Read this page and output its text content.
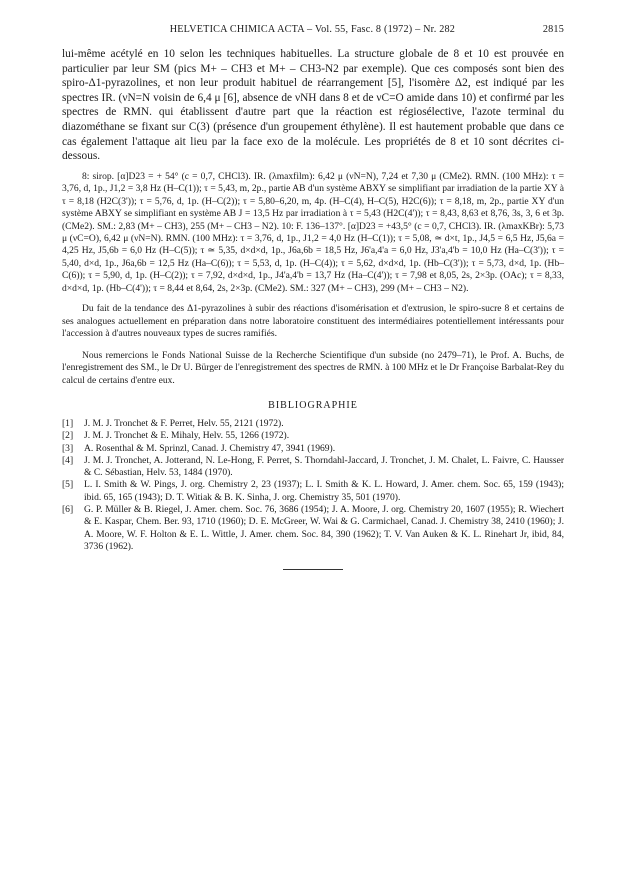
HELVETICA CHIMICA ACTA – Vol. 55, Fasc. 8 (1972) – Nr. 282	2815

lui-même acétylé en 10 selon les techniques habituelles. La structure globale de 8 et 10 est prouvée en particulier par leur SM (pics M+ – CH3 et M+ – CH3-N2 par exemple). Que ces composés sont bien des spiro-Δ1-pyrazolines, et non leur produit habituel de réarrangement [5], l'isomère Δ2, est indiqué par les spectres IR. (νN=N voisin de 6,4 μ [6], absence de νNH dans 8 et de νC=O amide dans 10) et confirmé par les spectres de RMN. qui établissent d'autre part que la réaction est régiosélective, l'azote terminal du diazométhane se fixant sur C(3) (présence d'un groupement éthylène). Il est hautement probable que dans ce cas également l'attaque ait lieu par la face exo de la molécule. Les propriétés de 8 et 10 sont décrites ci-dessous.

8: sirop. [α]D23 = + 54° (c = 0,7, CHCl3). IR. (λmaxfilm): 6,42 μ (νN=N), 7,24 et 7,30 μ (CMe2). RMN. (100 MHz): τ = 3,76, d, 1p., J1,2 = 3,8 Hz (H–C(1)); τ = 5,43, m, 2p., partie AB d'un système ABXY se simplifiant par irradiation de la partie XY à τ = 8,18 (H2C(3')); τ = 5,76, d, 1p. (H–C(2)); τ = 5,80–6,20, m, 4p. (H–C(4), H–C(5), H2C(6)); τ = 8,18, m, 2p., partie XY d'un système ABXY se simplifiant en système AB J = 13,5 Hz par irradiation à τ = 5,43 (H2C(4')); τ = 8,43, 8,63 et 8,76, 3s, 3, 6 et 3p. (CMe2). SM.: 2,83 (M+ – CH3), 255 (M+ – CH3 – N2). 10: F. 136–137°. [α]D23 = +43,5° (c = 0,7, CHCl3). IR. (λmaxKBr): 5,73 μ (νC=O), 6,42 μ (νN=N). RMN. (100 MHz): τ = 3,76, d, 1p., J1,2 = 4,0 Hz (H–C(1)); τ = 5,08, ≃ d×t, 1p., J4,5 = 6,5 Hz, J5,6a = 4,25 Hz, J5,6b = 6,0 Hz (H–C(5)); τ ≃ 5,35, d×d×d, 1p., J6a,6b = 18,5 Hz, J6'a,4'a = 6,0 Hz, J3'a,4'b = 10,0 Hz (Ha–C(3')); τ = 5,40, d×d, 1p., J6a,6b = 12,5 Hz (Ha–C(6)); τ = 5,53, d, 1p. (H–C(4)); τ = 5,62, d×d×d, 1p. (Hb–C(3')); τ = 5,73, d×d, 1p. (Hb–C(6)); τ = 5,90, d, 1p. (H–C(2)); τ = 7,92, d×d×d, 1p., J4'a,4'b = 13,7 Hz (Ha–C(4')); τ = 7,98 et 8,05, 2s, 2×3p. (OAc); τ = 8,33, d×d×d, 1p. (Hb–C(4')); τ = 8,44 et 8,64, 2s, 2×3p. (CMe2). SM.: 327 (M+ – CH3), 299 (M+ – CH3 – N2).

Du fait de la tendance des Δ1-pyrazolines à subir des réactions d'isomérisation et d'extrusion, le spiro-sucre 8 et certains de ses analogues actuellement en préparation dans notre laboratoire constituent des intermédiaires potentiellement intéressants pour l'accession à d'autres nouveaux types de sucres ramifiés.

Nous remercions le Fonds National Suisse de la Recherche Scientifique d'un subside (no 2479–71), le Prof. A. Buchs, de l'enregistrement des SM., le Dr U. Bürger de l'enregistrement des spectres de RMN. à 100 MHz et le Dr Françoise Barbalat-Rey du calcul de certains d'entre eux.

BIBLIOGRAPHIE
[1] J. M. J. Tronchet & F. Perret, Helv. 55, 2121 (1972).
[2] J. M. J. Tronchet & E. Mihaly, Helv. 55, 1266 (1972).
[3] A. Rosenthal & M. Sprinzl, Canad. J. Chemistry 47, 3941 (1969).
[4] J. M. J. Tronchet, A. Jotterand, N. Le-Hong, F. Perret, S. Thorndahl-Jaccard, J. Tronchet, J. M. Chalet, L. Faivre, C. Hausser & C. Sébastian, Helv. 53, 1484 (1970).
[5] L. I. Smith & W. Pings, J. org. Chemistry 2, 23 (1937); L. I. Smith & K. L. Howard, J. Amer. chem. Soc. 65, 159 (1943); ibid. 65, 165 (1943); D. T. Witiak & B. K. Sinha, J. org. Chemistry 35, 501 (1970).
[6] G. P. Müller & B. Riegel, J. Amer. chem. Soc. 76, 3686 (1954); J. A. Moore, J. org. Chemistry 20, 1607 (1955); R. Wiechert & E. Kaspar, Chem. Ber. 93, 1710 (1960); D. E. McGreer, W. Wai & G. Carmichael, Canad. J. Chemistry 38, 2410 (1960); J. A. Moore, W. F. Holton & E. L. Wittle, J. Amer. chem. Soc. 84, 390 (1962); T. V. Van Auken & K. L. Rinehart Jr, ibid, 84, 3736 (1962).
